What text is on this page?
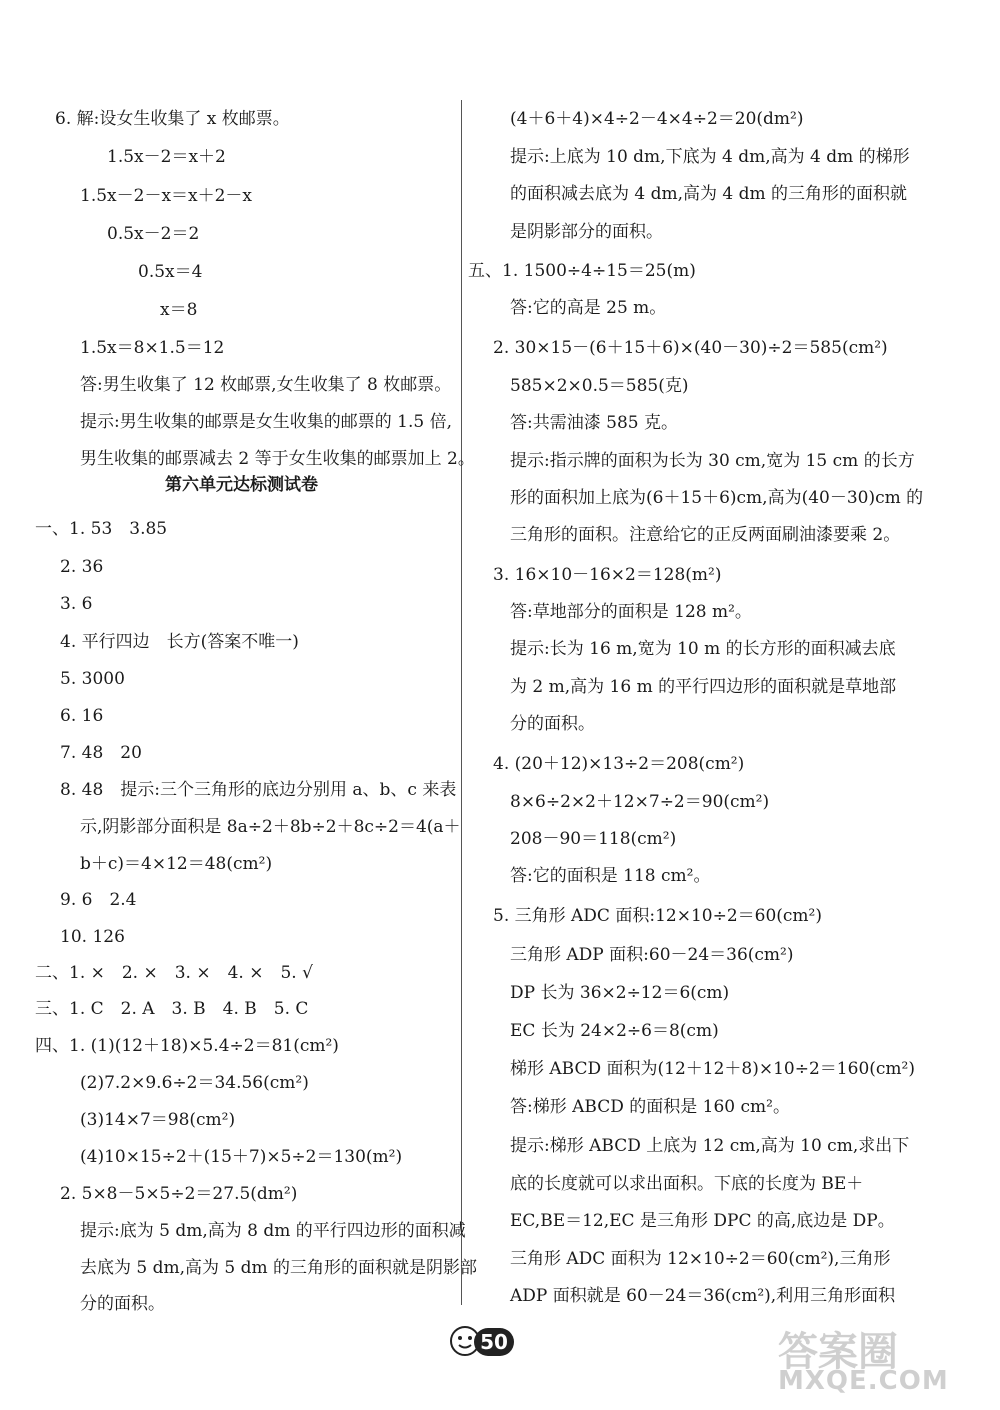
6. 解:设女生收集了 x 枚邮票。
1.5x－2＝x＋2
1.5x－2－x＝x＋2－x
0.5x－2＝2
0.5x＝4
x＝8
1.5x＝8×1.5＝12
答:男生收集了 12 枚邮票,女生收集了 8 枚邮票。
提示:男生收集的邮票是女生收集的邮票的 1.5 倍,
男生收集的邮票减去 2 等于女生收集的邮票加上 2。
一、1. 53　3.85
2. 36
3. 6
4. 平行四边　长方(答案不唯一)
5. 3000
6. 16
7. 48　20
8. 48　提示:三个三角形的底边分别用 a、b、c 来表
示,阴影部分面积是 8a÷2＋8b÷2＋8c÷2＝4(a＋
b＋c)＝4×12＝48(cm²)
9. 6　2.4
10. 126
二、1. ×　2. ×　3. ×　4. ×　5. √
三、1. C　2. A　3. B　4. B　5. C
四、1. (1)(12＋18)×5.4÷2＝81(cm²)
(2)7.2×9.6÷2＝34.56(cm²)
(3)14×7＝98(cm²)
(4)10×15÷2＋(15＋7)×5÷2＝130(m²)
2. 5×8－5×5÷2＝27.5(dm²)
提示:底为 5 dm,高为 8 dm 的平行四边形的面积减
去底为 5 dm,高为 5 dm 的三角形的面积就是阴影部
分的面积。
第六单元达标测试卷
(4＋6＋4)×4÷2－4×4÷2＝20(dm²)
提示:上底为 10 dm,下底为 4 dm,高为 4 dm 的梯形
的面积减去底为 4 dm,高为 4 dm 的三角形的面积就
是阴影部分的面积。
五、1. 1500÷4÷15＝25(m)
答:它的高是 25 m。
2. 30×15－(6＋15＋6)×(40－30)÷2＝585(cm²)
585×2×0.5＝585(克)
答:共需油漆 585 克。
提示:指示牌的面积为长为 30 cm,宽为 15 cm 的长方
形的面积加上底为(6＋15＋6)cm,高为(40－30)cm 的
三角形的面积。注意给它的正反两面刷油漆要乘 2。
3. 16×10－16×2＝128(m²)
答:草地部分的面积是 128 m²。
提示:长为 16 m,宽为 10 m 的长方形的面积减去底
为 2 m,高为 16 m 的平行四边形的面积就是草地部
分的面积。
4. (20＋12)×13÷2＝208(cm²)
8×6÷2×2＋12×7÷2＝90(cm²)
208－90＝118(cm²)
答:它的面积是 118 cm²。
5. 三角形 ADC 面积:12×10÷2＝60(cm²)
三角形 ADP 面积:60－24＝36(cm²)
DP 长为 36×2÷12＝6(cm)
EC 长为 24×2÷6＝8(cm)
梯形 ABCD 面积为(12＋12＋8)×10÷2＝160(cm²)
答:梯形 ABCD 的面积是 160 cm²。
提示:梯形 ABCD 上底为 12 cm,高为 10 cm,求出下
底的长度就可以求出面积。下底的长度为 BE＋
EC,BE＝12,EC 是三角形 DPC 的高,底边是 DP。
三角形 ADC 面积为 12×10÷2＝60(cm²),三角形
ADP 面积就是 60－24＝36(cm²),利用三角形面积
50	答案圈
MXQE.COM
